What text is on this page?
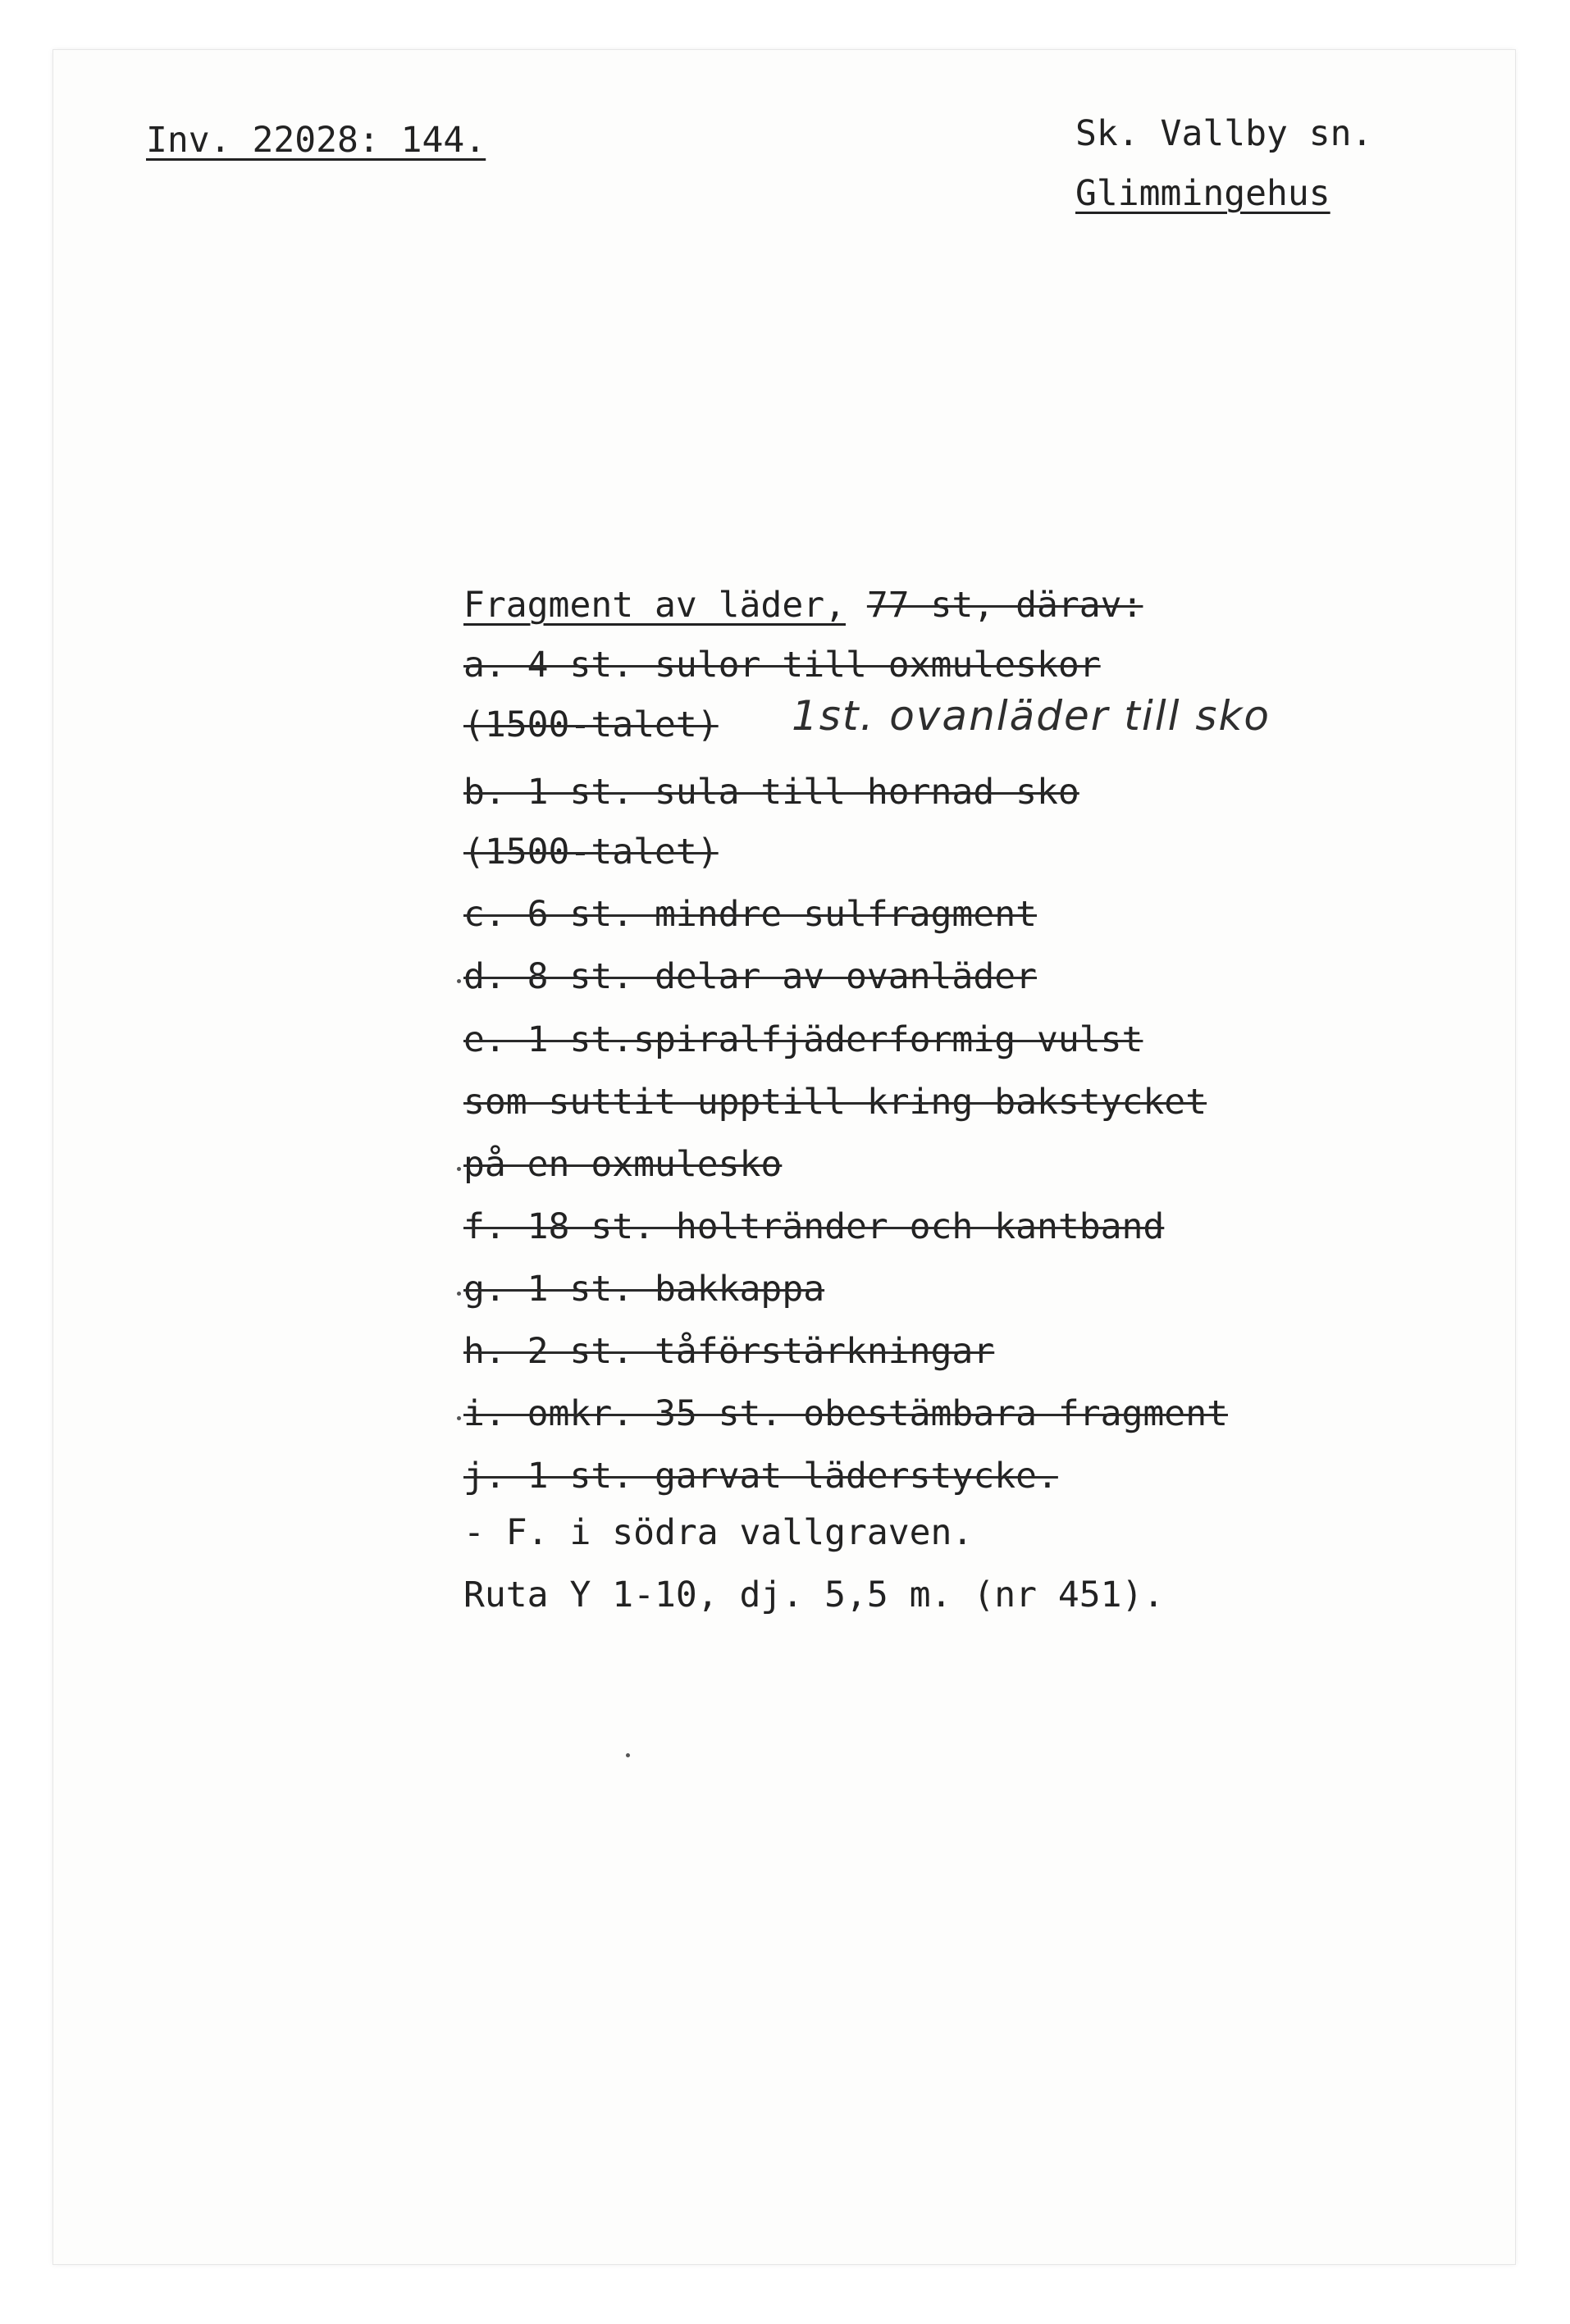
Inv. 22028: 144.	Sk. Vallby sn.
Glimmingehus
Fragment av läder, 77 st, därav:
a. 4 st. sulor till oxmuleskor
(1500-talet) 1st. ovanläder till sko
b. 1 st. sula till hornad sko
(1500-talet)
c. 6 st. mindre sulfragment
d. 8 st. delar av ovanläder
e. 1 st.spiralfjäderformig vulst
som suttit upptill kring bakstycket
på en oxmulesko
f. 18 st. holtränder och kantband
g. 1 st. bakkappa
h. 2 st. tåförstärkningar
i. omkr. 35 st. obestämbara fragment
j. 1 st. garvat läderstycke.
- F. i södra vallgraven.
Ruta Y 1-10, dj. 5,5 m. (nr 451).
